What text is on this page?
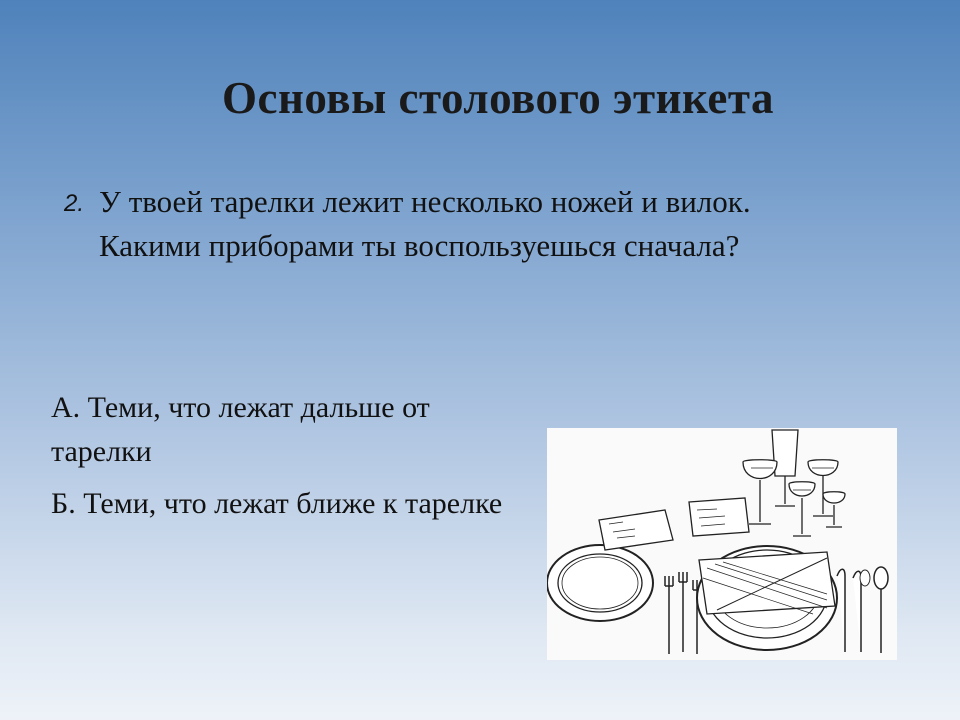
Основы столового этикета
2. У твоей тарелки лежит несколько ножей и вилок.
Какими приборами ты воспользуешься сначала?
А. Теми, что лежат дальше от тарелки
Б. Теми, что лежат ближе к тарелке
